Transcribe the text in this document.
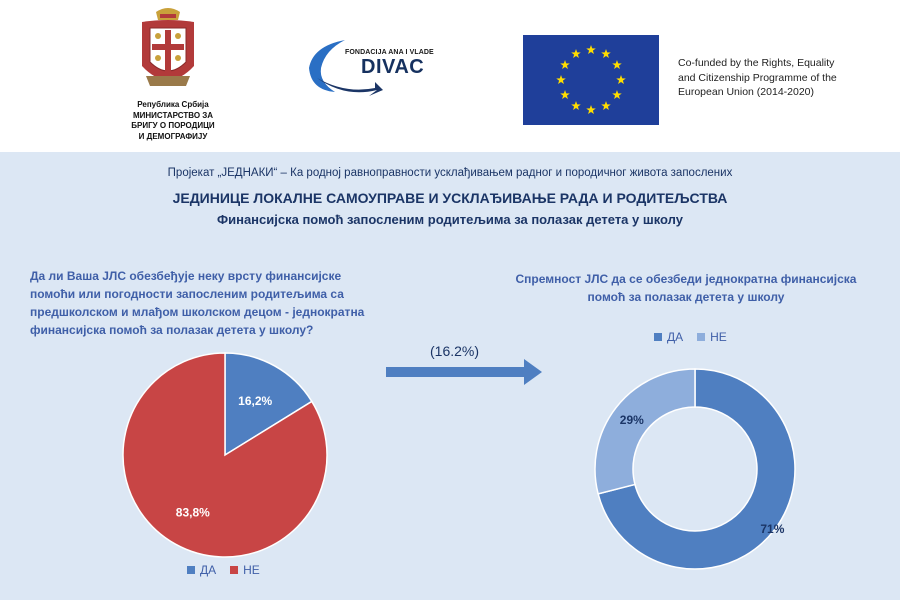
Република Србија
МИНИСТАРСТВО ЗА
БРИГУ О ПОРОДИЦИ
И ДЕМОГРАФИЈУ
FONDACIJA ANA I VLADE
DIVAC	Co-funded by the Rights, Equality
and Citizenship Programme of the
European Union (2014-2020)
Пројекат „ЈЕДНАКИ“ – Ка родној равноправности усклађивањем радног и породичног живота запослених
ЈЕДИНИЦЕ ЛОКАЛНЕ САМОУПРАВЕ И УСКЛАЂИВАЊЕ РАДА И РОДИТЕЉСТВА
Финансијска помоћ запосленим родитељима за полазак детета у школу
Да ли Ваша ЈЛС обезбеђује неку врсту финансијске
помоћи или погодности запосленим родитељима са
предшколском и млађом школском децом - једнократна
финансијска помоћ за полазак детета у школу?
Спремност ЈЛС да се обезбеди једнократна финансијска
помоћ за полазак детета у школу
(16.2%)
16,2%
83,8%
71%
29%
ДА НЕ
ДА НЕ
